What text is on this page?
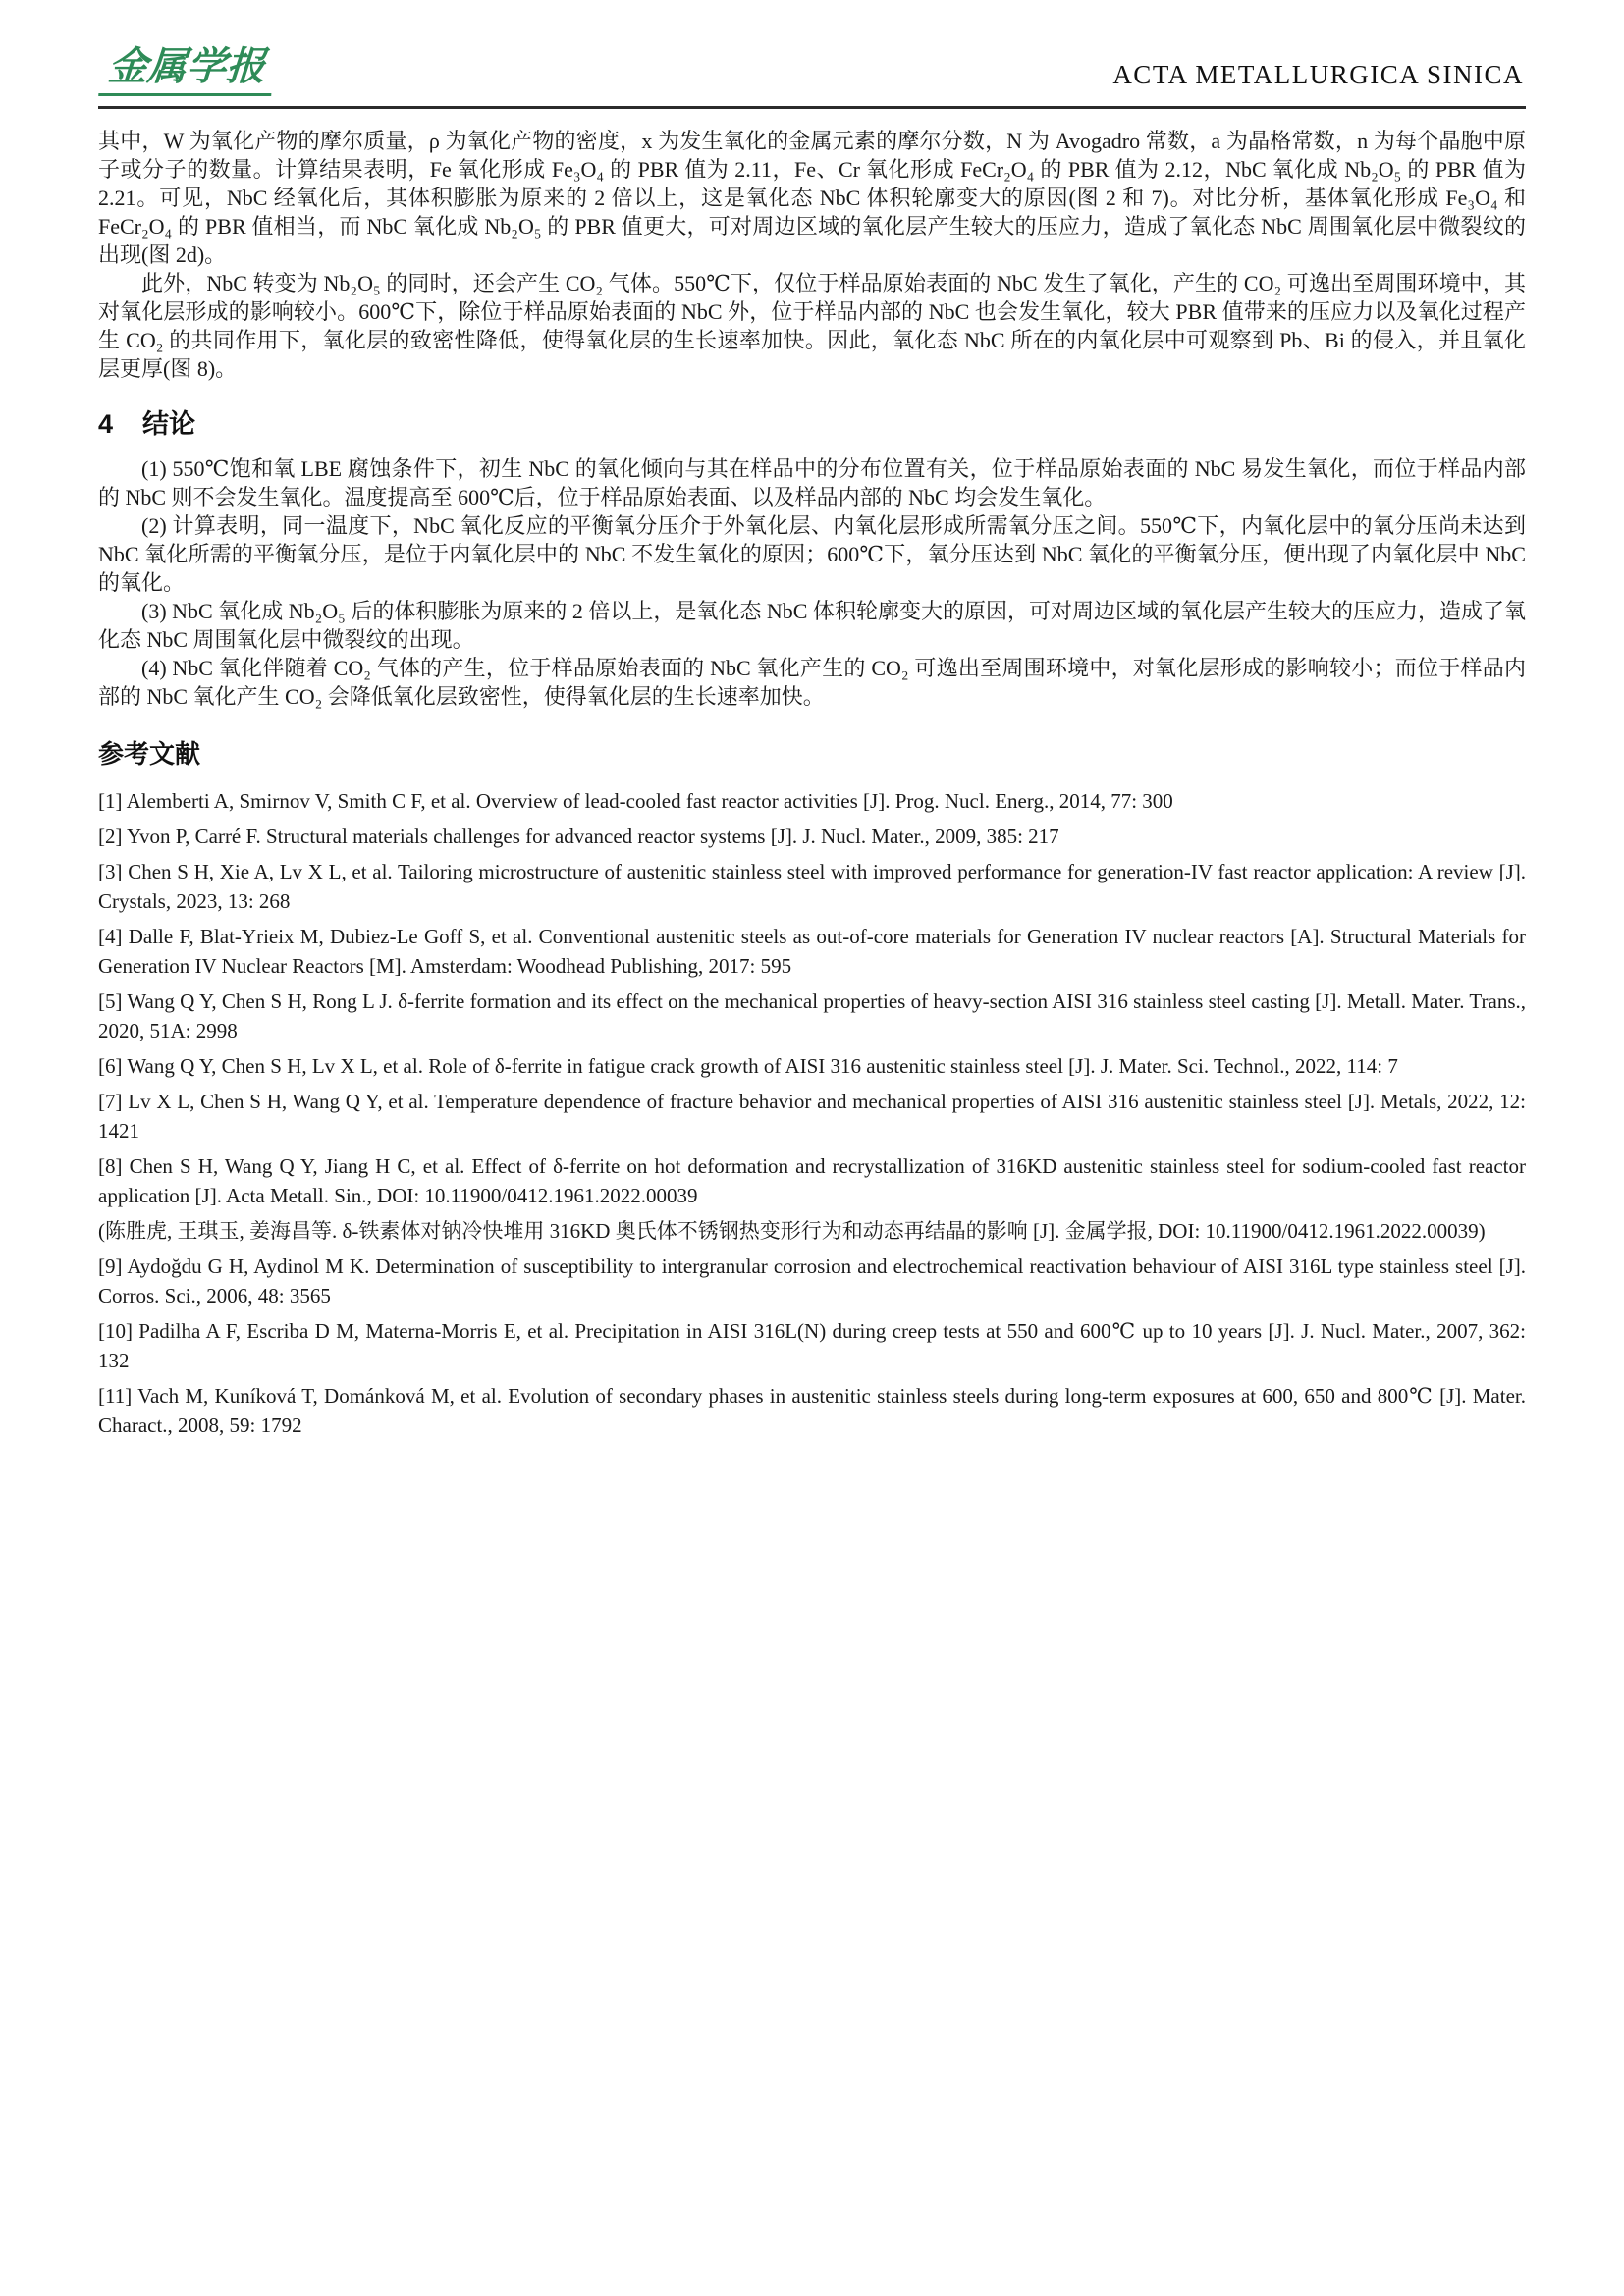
金属学报	ACTA METALLURGICA SINICA

其中，W 为氧化产物的摩尔质量，ρ 为氧化产物的密度，x 为发生氧化的金属元素的摩尔分数，N 为 Avogadro 常数，a 为晶格常数，n 为每个晶胞中原子或分子的数量。计算结果表明，Fe 氧化形成 Fe₃O₄ 的 PBR 值为 2.11，Fe、Cr 氧化形成 FeCr₂O₄ 的 PBR 值为 2.12，NbC 氧化成 Nb₂O₅ 的 PBR 值为 2.21。可见，NbC 经氧化后，其体积膨胀为原来的 2 倍以上，这是氧化态 NbC 体积轮廓变大的原因(图 2 和 7)。对比分析，基体氧化形成 Fe₃O₄ 和 FeCr₂O₄ 的 PBR 值相当，而 NbC 氧化成 Nb₂O₅ 的 PBR 值更大，可对周边区域的氧化层产生较大的压应力，造成了氧化态 NbC 周围氧化层中微裂纹的出现(图 2d)。

此外，NbC 转变为 Nb₂O₅ 的同时，还会产生 CO₂ 气体。550℃下，仅位于样品原始表面的 NbC 发生了氧化，产生的 CO₂ 可逸出至周围环境中，其对氧化层形成的影响较小。600℃下，除位于样品原始表面的 NbC 外，位于样品内部的 NbC 也会发生氧化，较大 PBR 值带来的压应力以及氧化过程产生 CO₂ 的共同作用下，氧化层的致密性降低，使得氧化层的生长速率加快。因此，氧化态 NbC 所在的内氧化层中可观察到 Pb、Bi 的侵入，并且氧化层更厚(图 8)。

4 结论

(1) 550℃饱和氧 LBE 腐蚀条件下，初生 NbC 的氧化倾向与其在样品中的分布位置有关，位于样品原始表面的 NbC 易发生氧化，而位于样品内部的 NbC 则不会发生氧化。温度提高至 600℃后，位于样品原始表面、以及样品内部的 NbC 均会发生氧化。

(2) 计算表明，同一温度下，NbC 氧化反应的平衡氧分压介于外氧化层、内氧化层形成所需氧分压之间。550℃下，内氧化层中的氧分压尚未达到 NbC 氧化所需的平衡氧分压，是位于内氧化层中的 NbC 不发生氧化的原因；600℃下，氧分压达到 NbC 氧化的平衡氧分压，便出现了内氧化层中 NbC 的氧化。

(3) NbC 氧化成 Nb₂O₅ 后的体积膨胀为原来的 2 倍以上，是氧化态 NbC 体积轮廓变大的原因，可对周边区域的氧化层产生较大的压应力，造成了氧化态 NbC 周围氧化层中微裂纹的出现。

(4) NbC 氧化伴随着 CO₂ 气体的产生，位于样品原始表面的 NbC 氧化产生的 CO₂ 可逸出至周围环境中，对氧化层形成的影响较小；而位于样品内部的 NbC 氧化产生 CO₂ 会降低氧化层致密性，使得氧化层的生长速率加快。

参考文献

[1] Alemberti A, Smirnov V, Smith C F, et al. Overview of lead-cooled fast reactor activities [J]. Prog. Nucl. Energ., 2014, 77: 300

[2] Yvon P, Carré F. Structural materials challenges for advanced reactor systems [J]. J. Nucl. Mater., 2009, 385: 217

[3] Chen S H, Xie A, Lv X L, et al. Tailoring microstructure of austenitic stainless steel with improved performance for generation-IV fast reactor application: A review [J]. Crystals, 2023, 13: 268

[4] Dalle F, Blat-Yrieix M, Dubiez-Le Goff S, et al. Conventional austenitic steels as out-of-core materials for Generation IV nuclear reactors [A]. Structural Materials for Generation IV Nuclear Reactors [M]. Amsterdam: Woodhead Publishing, 2017: 595

[5] Wang Q Y, Chen S H, Rong L J. δ-ferrite formation and its effect on the mechanical properties of heavy-section AISI 316 stainless steel casting [J]. Metall. Mater. Trans., 2020, 51A: 2998

[6] Wang Q Y, Chen S H, Lv X L, et al. Role of δ-ferrite in fatigue crack growth of AISI 316 austenitic stainless steel [J]. J. Mater. Sci. Technol., 2022, 114: 7

[7] Lv X L, Chen S H, Wang Q Y, et al. Temperature dependence of fracture behavior and mechanical properties of AISI 316 austenitic stainless steel [J]. Metals, 2022, 12: 1421

[8] Chen S H, Wang Q Y, Jiang H C, et al. Effect of δ-ferrite on hot deformation and recrystallization of 316KD austenitic stainless steel for sodium-cooled fast reactor application [J]. Acta Metall. Sin., DOI: 10.11900/0412.1961.2022.00039

(陈胜虎, 王琪玉, 姜海昌等. δ-铁素体对钠冷快堆用 316KD 奥氏体不锈钢热变形行为和动态再结晶的影响 [J]. 金属学报, DOI: 10.11900/0412.1961.2022.00039)

[9] Aydoğdu G H, Aydinol M K. Determination of susceptibility to intergranular corrosion and electrochemical reactivation behaviour of AISI 316L type stainless steel [J]. Corros. Sci., 2006, 48: 3565

[10] Padilha A F, Escriba D M, Materna-Morris E, et al. Precipitation in AISI 316L(N) during creep tests at 550 and 600℃ up to 10 years [J]. J. Nucl. Mater., 2007, 362: 132

[11] Vach M, Kuníková T, Dománková M, et al. Evolution of secondary phases in austenitic stainless steels during long-term exposures at 600, 650 and 800℃ [J]. Mater. Charact., 2008, 59: 1792
